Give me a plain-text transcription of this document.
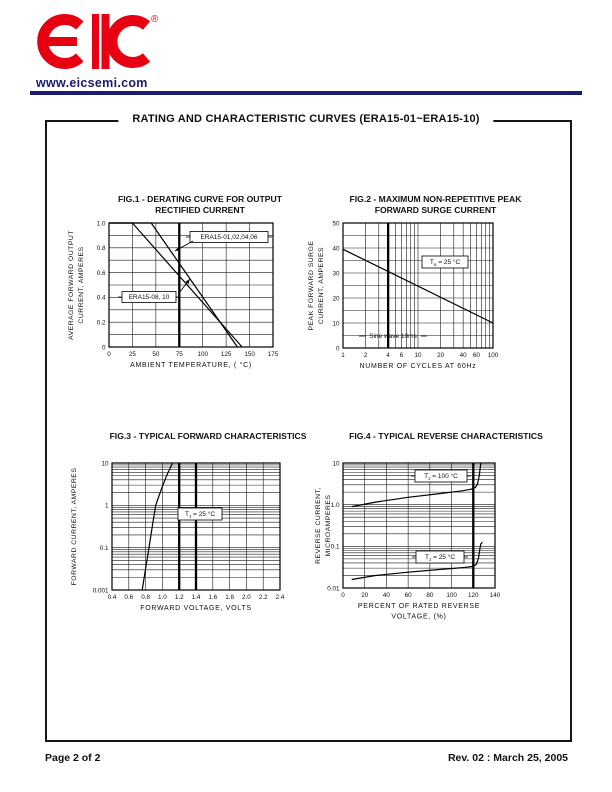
®
www.eicsemi.com
RATING AND CHARACTERISTIC CURVES (ERA15-01~ERA15-10)
FIG.1 - DERATING CURVE FOR OUTPUT
RECTIFIED CURRENT
FIG.2 - MAXIMUM NON-REPETITIVE PEAK
FORWARD SURGE CURRENT
FIG.3 - TYPICAL FORWARD CHARACTERISTICS	FIG.4 - TYPICAL REVERSE CHARACTERISTICS
0	25	50	75 100 125 150 175
1.0
0.8
0.6
0.4
0.2
0
AMBIENT TEMPERATURE, ( °C)
AVERAGE FORWARD OUTPUT CURRENT, AMPERES
ERA15-01,02,04,06
ERA15-08, 10
1	2	4 6 10 20 40 60 100
50
40
30
20
10
0
NUMBER OF CYCLES AT 60Hz
PEAK FORWARD SURGE CURRENT, AMPERES	$T_a = 25$ °C
Sine wave 10ms
0.4 0.6 0.8 1.0 1.2 1.4 1.6 1.8 2.0 2.2 2.4
10
1
0.1
0.001
FORWARD VOLTAGE, VOLTS
FORWARD CURRENT, AMPERES	$T_J = 25$ °C
0	20 40 60 80 100 120 140
10
1.0
0.1
0.01
PERCENT OF RATED REVERSE
VOLTAGE, (%)
REVERSE CURRENT, MICROAMPERES
$T_J = 100$ °C
$T_J = 25$ °C
Page 2 of 2	Rev. 02 : March 25, 2005
